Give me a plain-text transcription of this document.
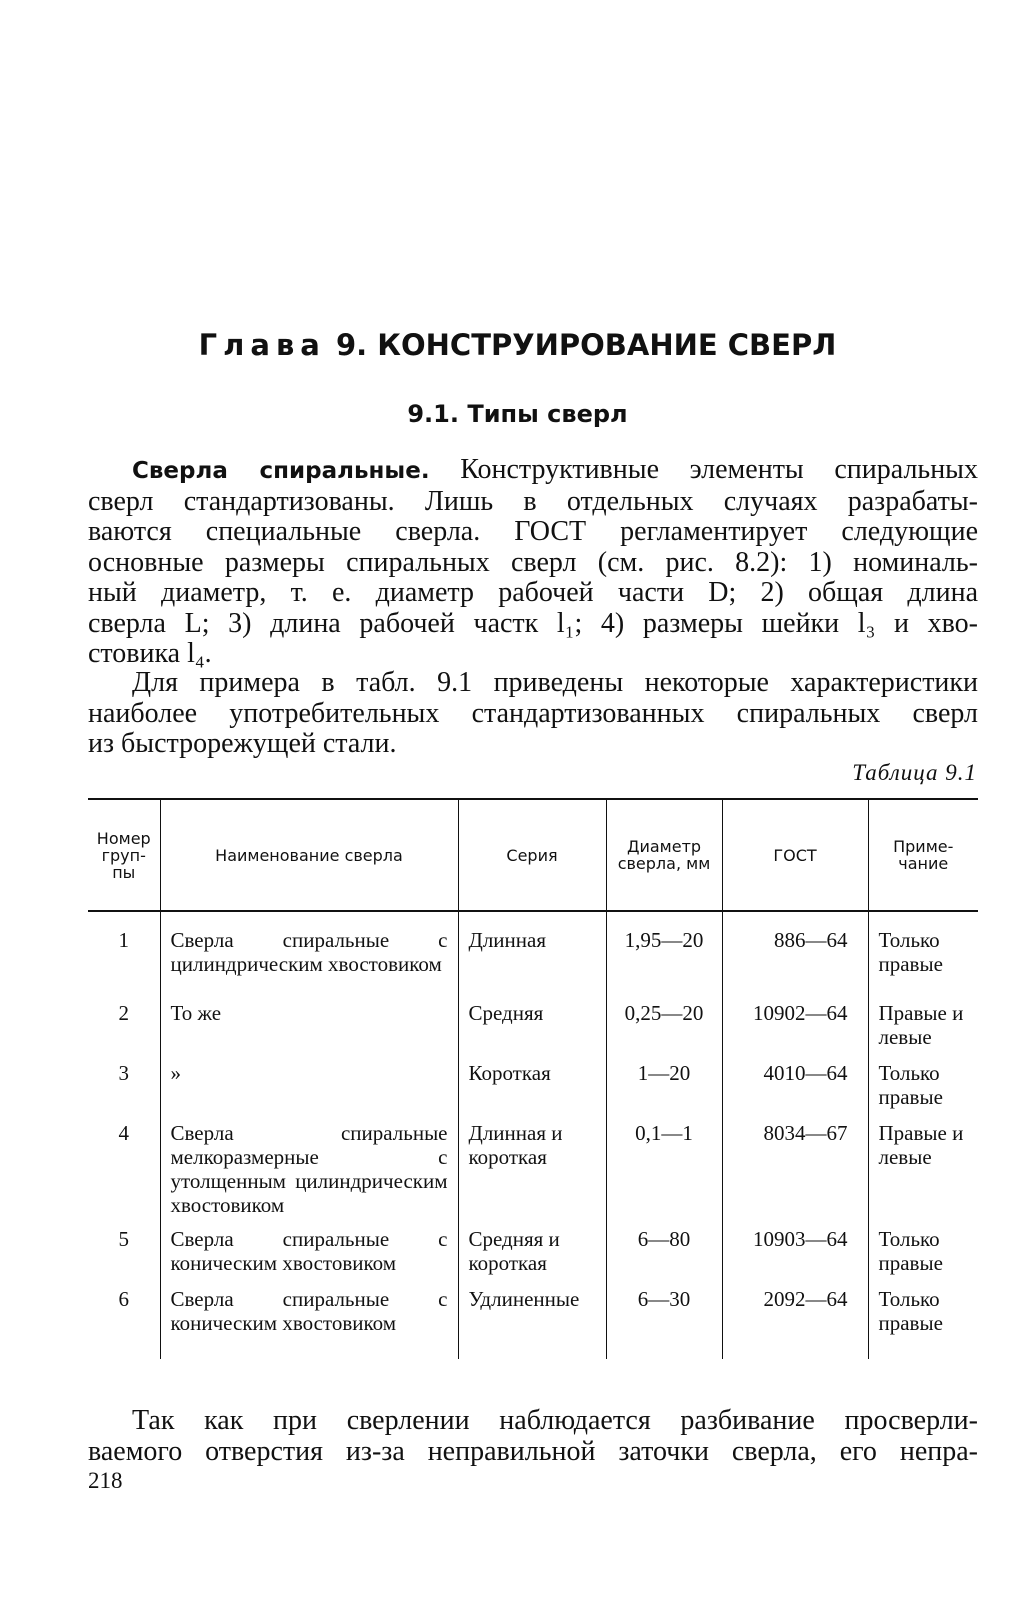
Глава 9. КОНСТРУИРОВАНИЕ СВЕРЛ
9.1. Типы сверл
Сверла спиральные. Конструктивные элементы спиральных
сверл стандартизованы. Лишь в отдельных случаях разрабаты-
ваются специальные сверла. ГОСТ регламентирует следующие
основные размеры спиральных сверл (см. рис. 8.2): 1) номиналь-
ный диаметр, т. е. диаметр рабочей части D; 2) общая длина
сверла L; 3) длина рабочей частк l₁; 4) размеры шейки l₃ и хво-
стовика l₄.
Для примера в табл. 9.1 приведены некоторые характеристики
наиболее употребительных стандартизованных спиральных сверл
из быстрорежущей стали.
Таблица 9.1
Номер груп- пы	Наименование сверла	Серия	Диаметр сверла, мм	ГОСТ	Приме- чание
1	Сверла спиральные с цилиндрическим хвостовиком	Длинная	1,95—20	886—64	Только правые
2	То же	Средняя	0,25—20	10902—64	Правые и левые
3	»	Короткая	1—20	4010—64	Только правые
4	Сверла спиральные мелкоразмерные с утолщенным цилиндрическим хвостовиком	Длинная и короткая	0,1—1	8034—67	Правые и левые
5	Сверла спиральные с коническим хвостовиком	Средняя и короткая	6—80	10903—64	Только правые
6	Сверла спиральные с коническим хвостовиком	Удлиненные	6—30	2092—64	Только правые
Так как при сверлении наблюдается разбивание просверли-
ваемого отверстия из-за неправильной заточки сверла, его непра-
218
